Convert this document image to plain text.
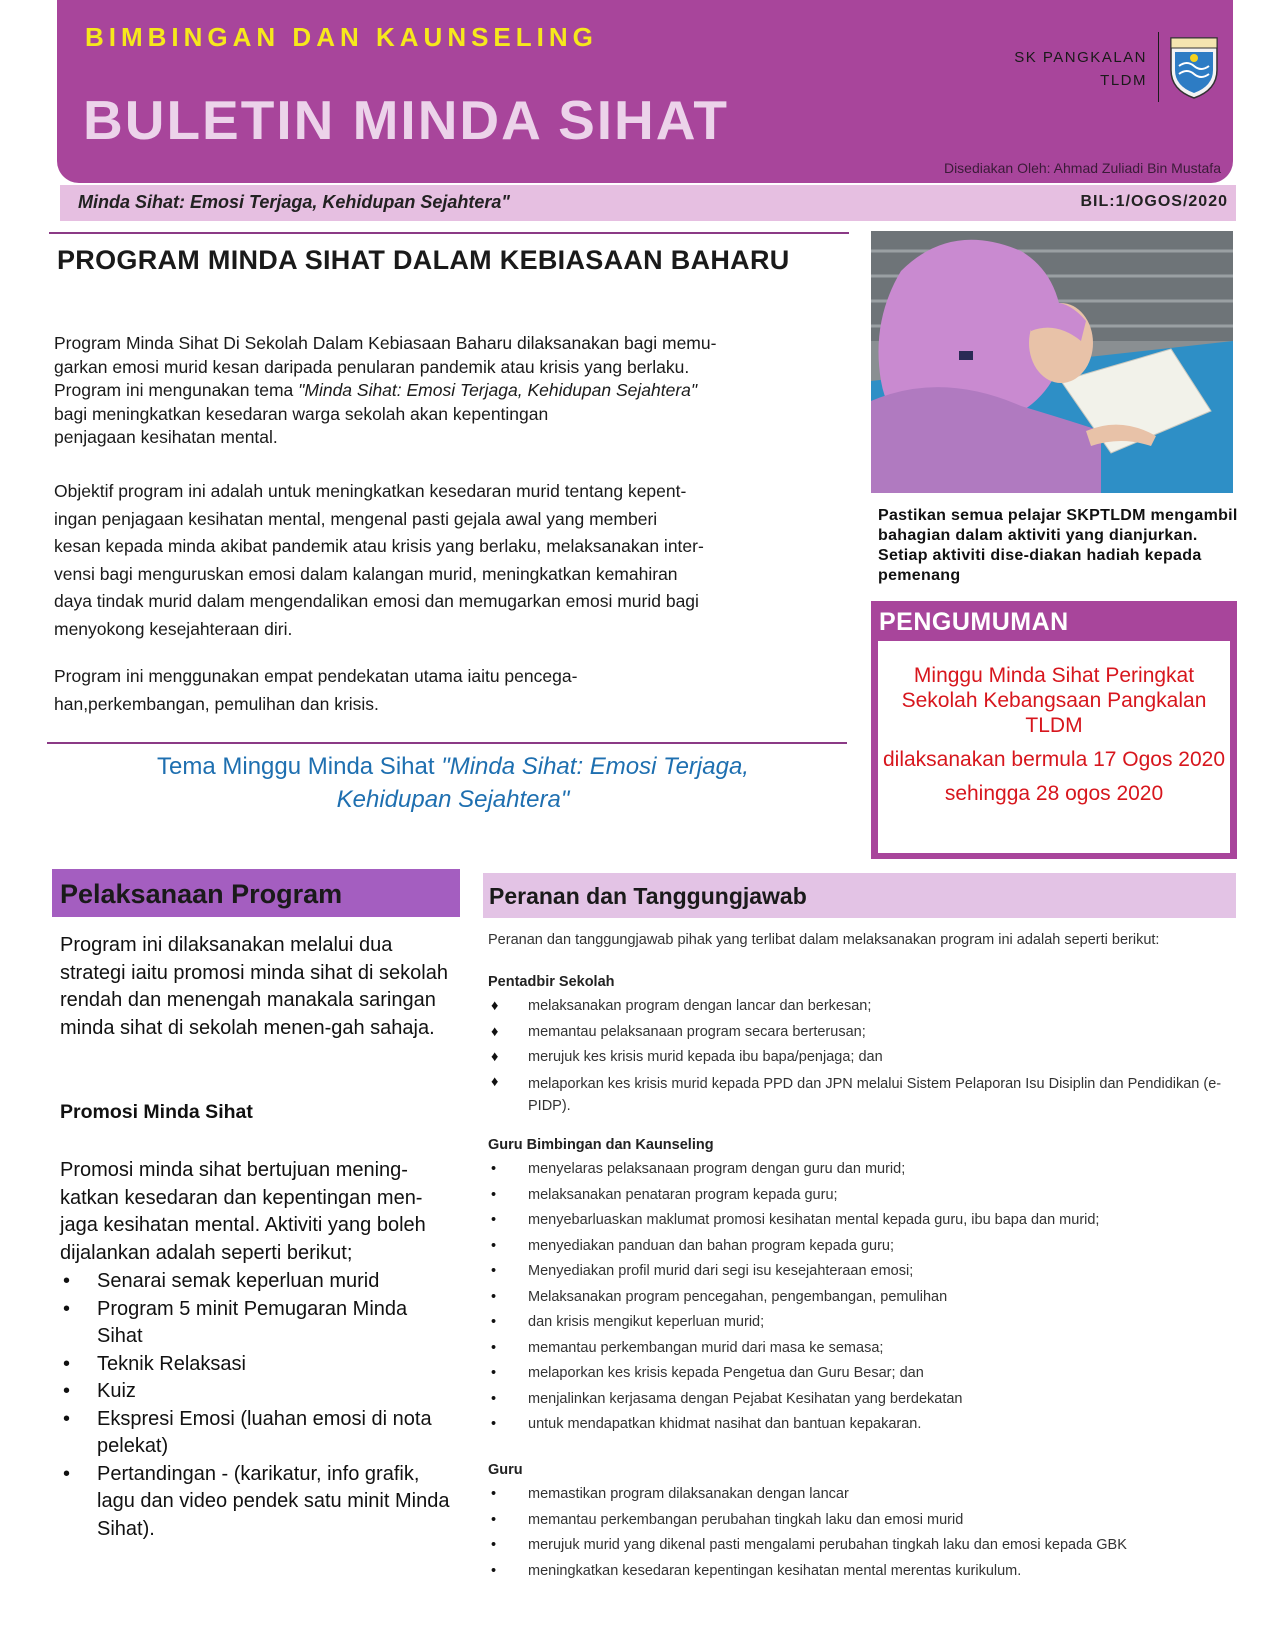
BIMBINGAN DAN KAUNSELING
BULETIN MINDA SIHAT
SK PANGKALAN
TLDM
Disediakan Oleh: Ahmad Zuliadi Bin Mustafa
Minda Sihat: Emosi Terjaga, Kehidupan Sejahtera"	BIL:1/OGOS/2020
PROGRAM MINDA SIHAT DALAM KEBIASAAN BAHARU
Program Minda Sihat Di Sekolah Dalam Kebiasaan Baharu dilaksanakan bagi memu-
garkan emosi murid kesan daripada penularan pandemik atau krisis yang berlaku.
Program ini mengunakan tema "Minda Sihat: Emosi Terjaga, Kehidupan Sejahtera"
bagi meningkatkan kesedaran warga sekolah akan kepentingan
penjagaan kesihatan mental.
Objektif program ini adalah untuk meningkatkan kesedaran murid tentang kepent-
ingan penjagaan kesihatan mental, mengenal pasti gejala awal yang memberi
kesan kepada minda akibat pandemik atau krisis yang berlaku, melaksanakan inter-
vensi bagi menguruskan emosi dalam kalangan murid, meningkatkan kemahiran
daya tindak murid dalam mengendalikan emosi dan memugarkan emosi murid bagi
menyokong kesejahteraan diri.
Program ini menggunakan empat pendekatan utama iaitu pencega-
han,perkembangan, pemulihan dan krisis.
Tema Minggu Minda Sihat "Minda Sihat: Emosi Terjaga,
Kehidupan Sejahtera"
Pastikan semua pelajar SKPTLDM mengambil bahagian dalam aktiviti yang dianjurkan. Setiap aktiviti dise-diakan hadiah kepada pemenang
PENGUMUMAN

Minggu Minda Sihat Peringkat Sekolah Kebangsaan Pangkalan TLDM

dilaksanakan bermula 17 Ogos 2020

sehingga 28 ogos 2020

Pelaksanaan Program
Program ini dilaksanakan melalui dua strategi iaitu promosi minda sihat di sekolah rendah dan menengah manakala saringan minda sihat di sekolah menen-gah sahaja.
Promosi Minda Sihat
Promosi minda sihat bertujuan mening-katkan kesedaran dan kepentingan men-jaga kesihatan mental. Aktiviti yang boleh dijalankan adalah seperti berikut;
• Senarai semak keperluan murid
• Program 5 minit Pemugaran Minda Sihat
• Teknik Relaksasi
• Kuiz
• Ekspresi Emosi (luahan emosi di nota pelekat)
• Pertandingan - (karikatur, info grafik, lagu dan video pendek satu minit Minda Sihat).
Peranan dan Tanggungjawab
Peranan dan tanggungjawab pihak yang terlibat dalam melaksanakan program ini adalah seperti berikut:
Pentadbir Sekolah
♦ melaksanakan program dengan lancar dan berkesan;
♦ memantau pelaksanaan program secara berterusan;
♦ merujuk kes krisis murid kepada ibu bapa/penjaga; dan
♦ melaporkan kes krisis murid kepada PPD dan JPN melalui Sistem Pelaporan Isu Disiplin dan Pendidikan (e-PIDP).
Guru Bimbingan dan Kaunseling
• menyelaras pelaksanaan program dengan guru dan murid;
• melaksanakan penataran program kepada guru;
• menyebarluaskan maklumat promosi kesihatan mental kepada guru, ibu bapa dan murid;
• menyediakan panduan dan bahan program kepada guru;
• Menyediakan profil murid dari segi isu kesejahteraan emosi;
• Melaksanakan program pencegahan, pengembangan, pemulihan
• dan krisis mengikut keperluan murid;
• memantau perkembangan murid dari masa ke semasa;
• melaporkan kes krisis kepada Pengetua dan Guru Besar; dan
• menjalinkan kerjasama dengan Pejabat Kesihatan yang berdekatan
• untuk mendapatkan khidmat nasihat dan bantuan kepakaran.
Guru
• memastikan program dilaksanakan dengan lancar
• memantau perkembangan perubahan tingkah laku dan emosi murid
• merujuk murid yang dikenal pasti mengalami perubahan tingkah laku dan emosi kepada GBK
• meningkatkan kesedaran kepentingan kesihatan mental merentas kurikulum.
